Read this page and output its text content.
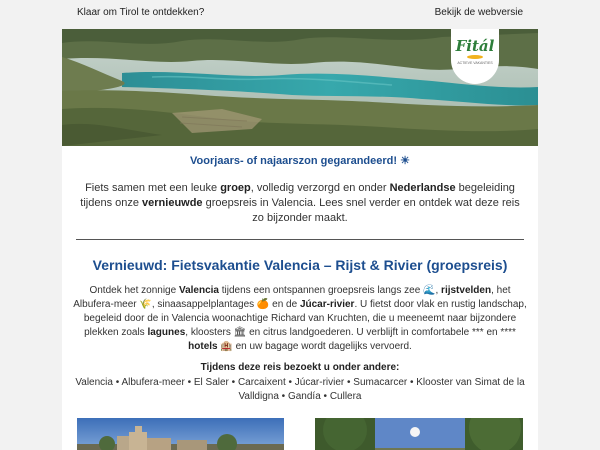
Klaar om Tirol te ontdekken?	Bekijk de webversie
Fitál
ACTIEVE VAKANTIES
Voorjaars- of najaarszon gegarandeerd! ☀

Fiets samen met een leuke groep, volledig verzorgd en onder Nederlandse begeleiding tijdens onze vernieuwde groepsreis in Valencia. Lees snel verder en ontdek wat deze reis zo bijzonder maakt.

Vernieuwd: Fietsvakantie Valencia – Rijst & Rivier (groepsreis)

Ontdek het zonnige Valencia tijdens een ontspannen groepsreis langs zee 🌊, rijstvelden, het Albufera-meer 🌾, sinaasappelplantages 🍊 en de Júcar-rivier. U fietst door vlak en rustig landschap, begeleid door de in Valencia woonachtige Richard van Kruchten, die u meeneemt naar bijzondere plekken zoals lagunes, kloosters 🏛 en citrus landgoederen. U verblijft in comfortabele *** en **** hotels 🏨 en uw bagage wordt dagelijks vervoerd.

Tijdens deze reis bezoekt u onder andere:
Valencia • Albufera-meer • El Saler • Carcaixent • Júcar-rivier • Sumacarcer • Klooster van Simat de la Valldigna • Gandía • Cullera
